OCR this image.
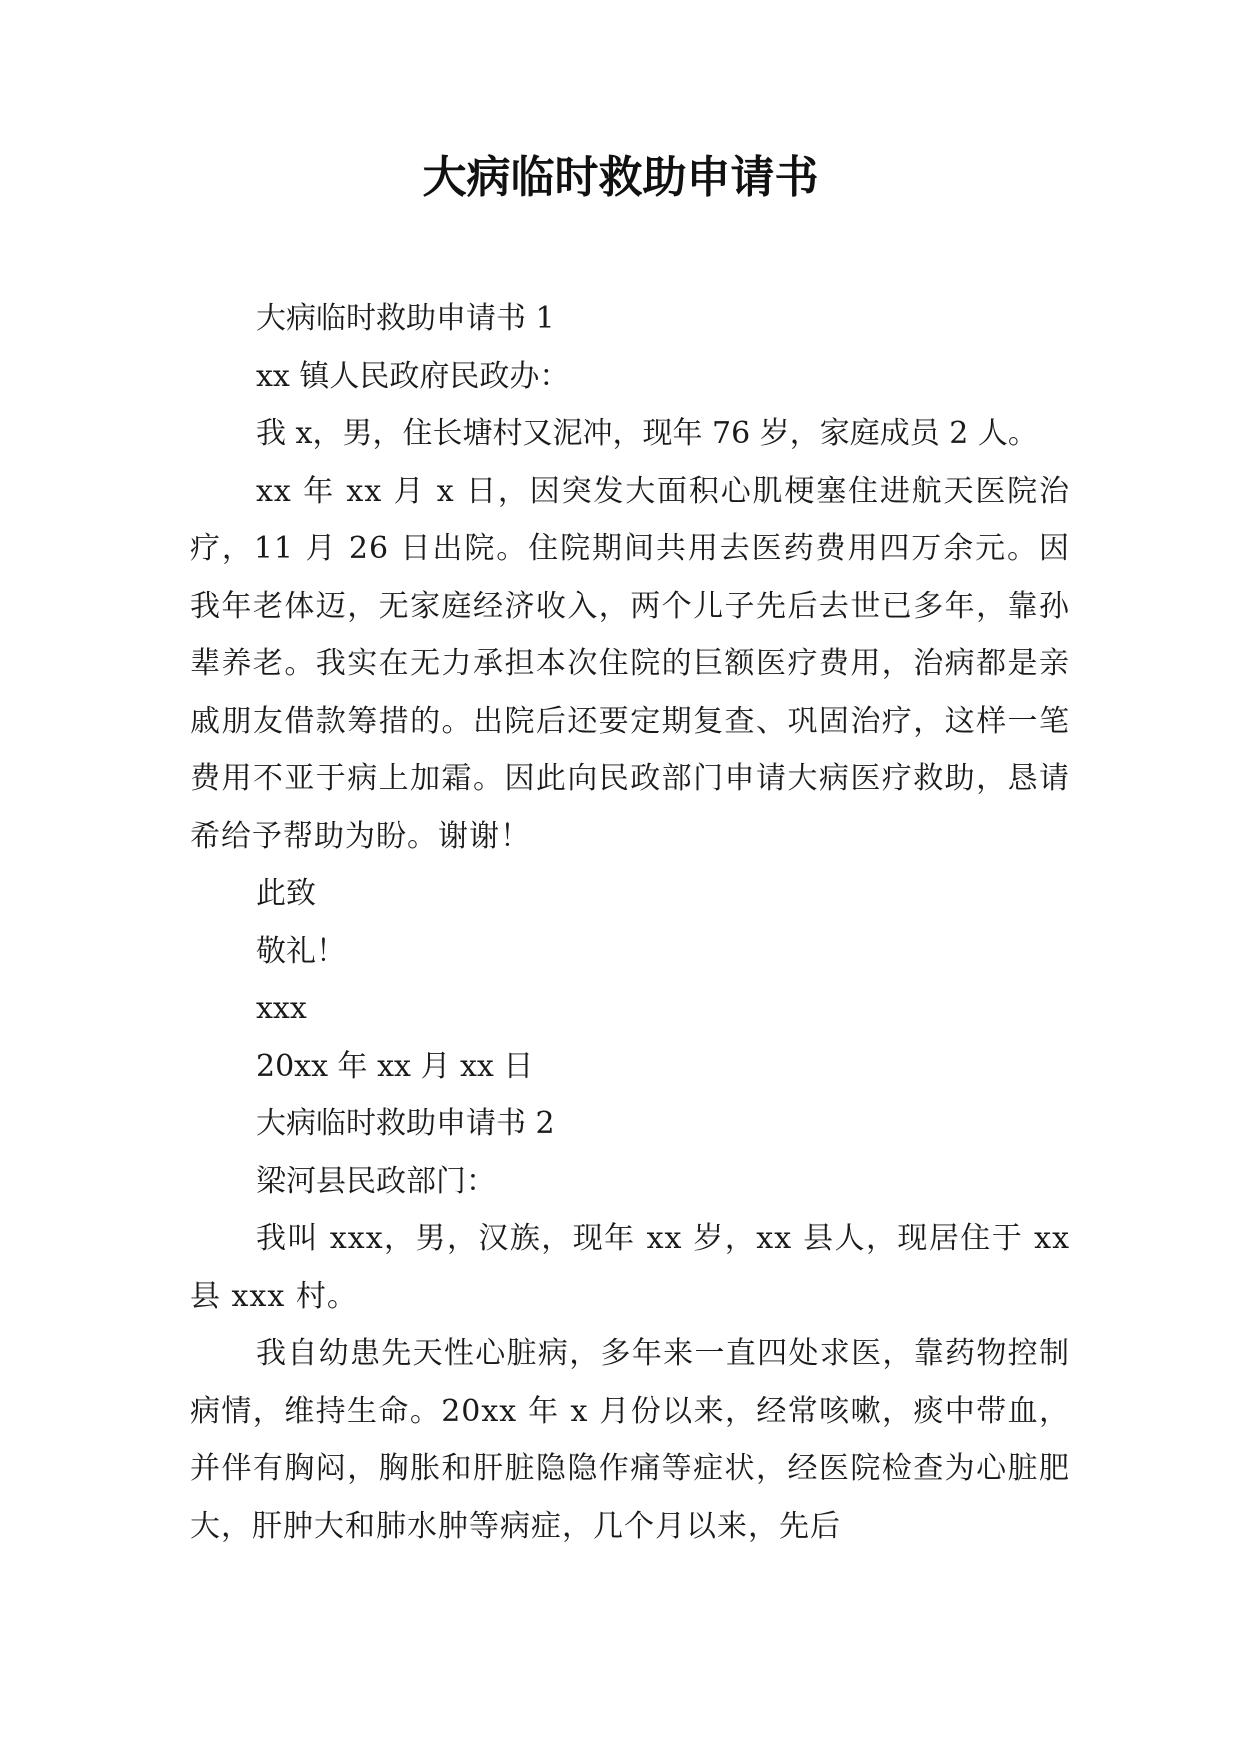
大病临时救助申请书

大病临时救助申请书 1

xx 镇人民政府民政办：

我 x，男，住长塘村又泥冲，现年 76 岁，家庭成员 2 人。

xx 年 xx 月 x 日，因突发大面积心肌梗塞住进航天医院治疗，11 月 26 日出院。住院期间共用去医药费用四万余元。因我年老体迈，无家庭经济收入，两个儿子先后去世已多年，靠孙辈养老。我实在无力承担本次住院的巨额医疗费用，治病都是亲戚朋友借款筹措的。出院后还要定期复查、巩固治疗，这样一笔费用不亚于病上加霜。因此向民政部门申请大病医疗救助，恳请希给予帮助为盼。谢谢！

此致

敬礼！

xxx

20xx 年 xx 月 xx 日

大病临时救助申请书 2

梁河县民政部门：

我叫 xxx，男，汉族，现年 xx 岁，xx 县人，现居住于 xx 县 xxx 村。

我自幼患先天性心脏病，多年来一直四处求医，靠药物控制病情，维持生命。20xx 年 x 月份以来，经常咳嗽，痰中带血，并伴有胸闷，胸胀和肝脏隐隐作痛等症状，经医院检查为心脏肥大，肝肿大和肺水肿等病症，几个月以来，先后
